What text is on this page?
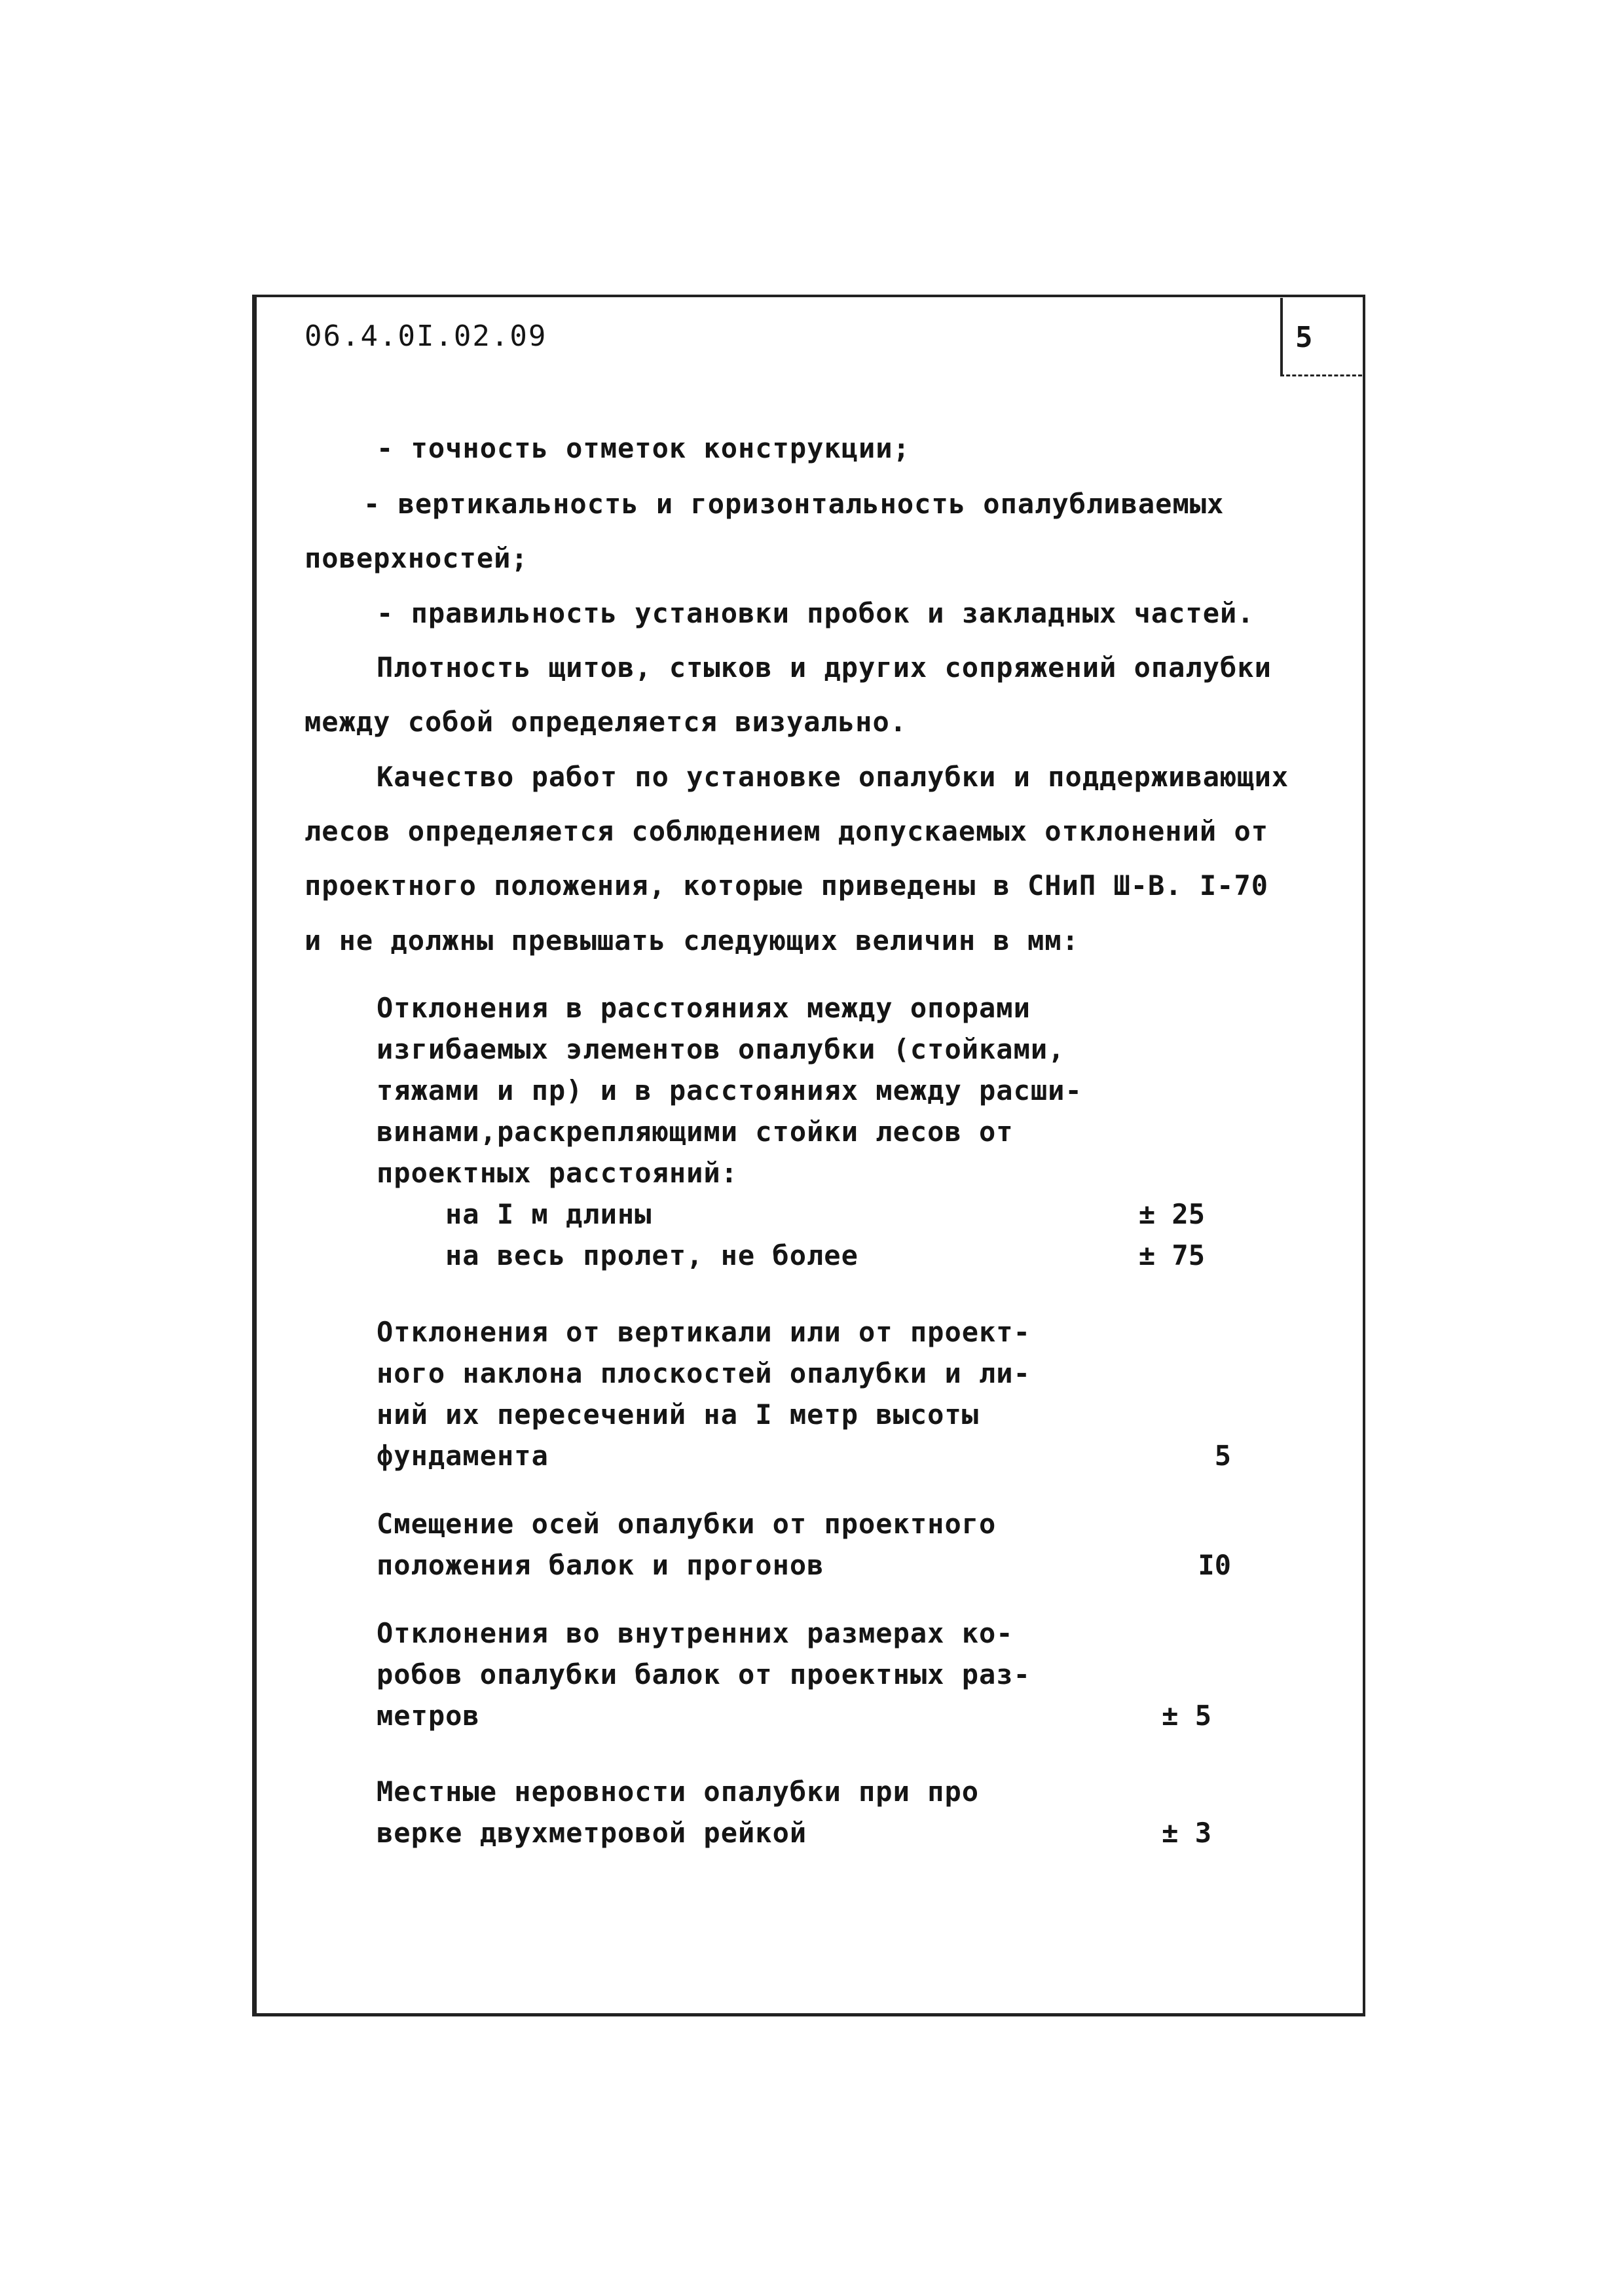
06.4.0I.02.09	5
- точность отметок конструкции;
- вертикальность и горизонтальность опалубливаемых
поверхностей;
- правильность установки пробок и закладных частей.
Плотность щитов, стыков и других сопряжений опалубки
между собой определяется визуально.
Качество работ по установке опалубки и поддерживающих
лесов определяется соблюдением допускаемых отклонений от
проектного положения, которые приведены в СНиП Ш-В. I-70
и не должны превышать следующих величин в мм:
Отклонения в расстояниях между опорами
изгибаемых элементов опалубки (стойками,
тяжами и пр) и в расстояниях между расши-
винами,раскрепляющими стойки лесов от
проектных расстояний:
на I м длины	± 25
на весь пролет, не более	± 75
Отклонения от вертикали или от проект-
ного наклона плоскостей опалубки и ли-
ний их пересечений на I метр высоты
фундамента	5
Смещение осей опалубки от проектного
положения балок и прогонов	I0
Отклонения во внутренних размерах ко-
робов опалубки балок от проектных раз-
метров	± 5
Местные неровности опалубки при про
верке двухметровой рейкой	± 3
